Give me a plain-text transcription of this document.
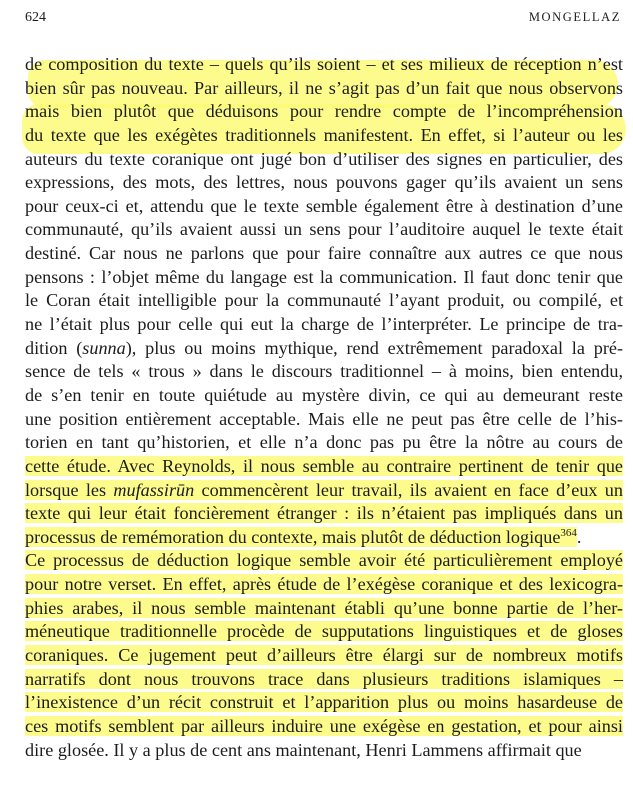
624	MONGELLAZ
de composition du texte – quels qu’ils soient – et ses milieux de réception n’est
bien sûr pas nouveau. Par ailleurs, il ne s’agit pas d’un fait que nous observons
mais bien plutôt que déduisons pour rendre compte de l’incompréhension
du texte que les exégètes traditionnels manifestent. En effet, si l’auteur ou les
auteurs du texte coranique ont jugé bon d’utiliser des signes en particulier, des
expressions, des mots, des lettres, nous pouvons gager qu’ils avaient un sens
pour ceux-ci et, attendu que le texte semble également être à destination d’une
communauté, qu’ils avaient aussi un sens pour l’auditoire auquel le texte était
destiné. Car nous ne parlons que pour faire connaître aux autres ce que nous
pensons : l’objet même du langage est la communication. Il faut donc tenir que
le Coran était intelligible pour la communauté l’ayant produit, ou compilé, et
ne l’était plus pour celle qui eut la charge de l’interpréter. Le principe de tra-
dition (sunna), plus ou moins mythique, rend extrêmement paradoxal la pré-
sence de tels « trous » dans le discours traditionnel – à moins, bien entendu,
de s’en tenir en toute quiétude au mystère divin, ce qui au demeurant reste
une position entièrement acceptable. Mais elle ne peut pas être celle de l’his-
torien en tant qu’historien, et elle n’a donc pas pu être la nôtre au cours de
cette étude. Avec Reynolds, il nous semble au contraire pertinent de tenir que
lorsque les mufassirūn commencèrent leur travail, ils avaient en face d’eux un
texte qui leur était foncièrement étranger : ils n’étaient pas impliqués dans un
processus de remémoration du contexte, mais plutôt de déduction logique$^{364}$.
Ce processus de déduction logique semble avoir été particulièrement employé
pour notre verset. En effet, après étude de l’exégèse coranique et des lexicogra-
phies arabes, il nous semble maintenant établi qu’une bonne partie de l’her-
méneutique traditionnelle procède de supputations linguistiques et de gloses
coraniques. Ce jugement peut d’ailleurs être élargi sur de nombreux motifs
narratifs dont nous trouvons trace dans plusieurs traditions islamiques –
l’inexistence d’un récit construit et l’apparition plus ou moins hasardeuse de
ces motifs semblent par ailleurs induire une exégèse en gestation, et pour ainsi
dire glosée. Il y a plus de cent ans maintenant, Henri Lammens affirmait que
